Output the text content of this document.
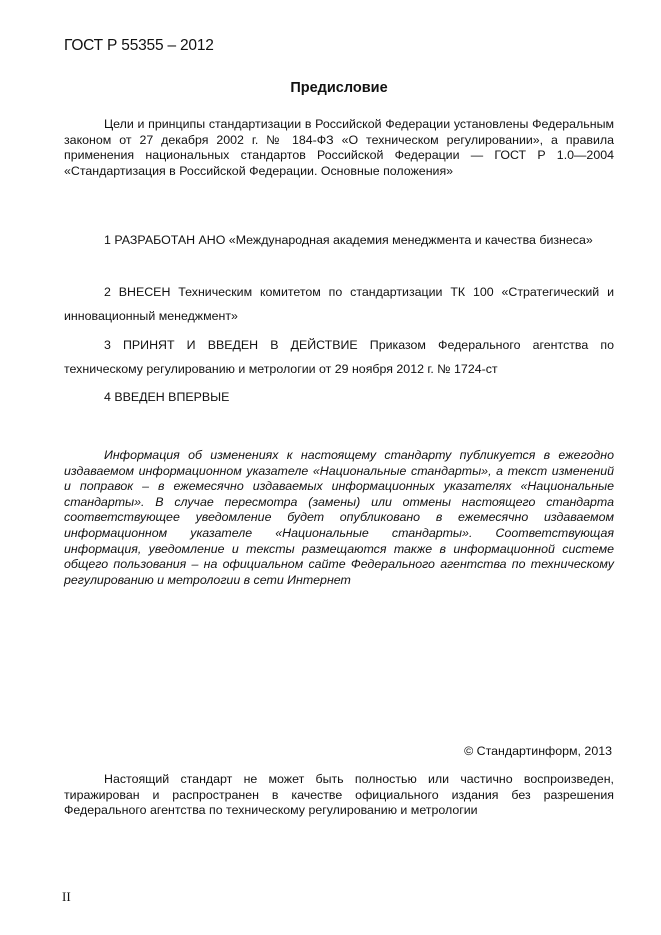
ГОСТ Р 55355 – 2012
Предисловие

Цели и принципы стандартизации в Российской Федерации установлены Федеральным законом от 27 декабря 2002 г. № 184-ФЗ «О техническом регулировании», а правила применения национальных стандартов Российской Федерации — ГОСТ Р 1.0—2004 «Стандартизация в Российской Федерации. Основные положения»

1 РАЗРАБОТАН АНО «Международная академия менеджмента и качества бизнеса»

2 ВНЕСЕН Техническим комитетом по стандартизации ТК 100 «Стратегический и инновационный менеджмент»

3 ПРИНЯТ И ВВЕДЕН В ДЕЙСТВИЕ Приказом Федерального агентства по техническому регулированию и метрологии от 29 ноября 2012 г. № 1724-ст

4 ВВЕДЕН ВПЕРВЫЕ

Информация об изменениях к настоящему стандарту публикуется в ежегодно издаваемом информационном указателе «Национальные стандарты», а текст изменений и поправок – в ежемесячно издаваемых информационных указателях «Национальные стандарты». В случае пересмотра (замены) или отмены настоящего стандарта соответствующее уведомление будет опубликовано в ежемесячно издаваемом информационном указателе «Национальные стандарты». Соответствующая информация, уведомление и тексты размещаются также в информационной системе общего пользования – на официальном сайте Федерального агентства по техническому регулированию и метрологии в сети Интернет

© Стандартинформ, 2013

Настоящий стандарт не может быть полностью или частично воспроизведен, тиражирован и распространен в качестве официального издания без разрешения Федерального агентства по техническому регулированию и метрологии

II
